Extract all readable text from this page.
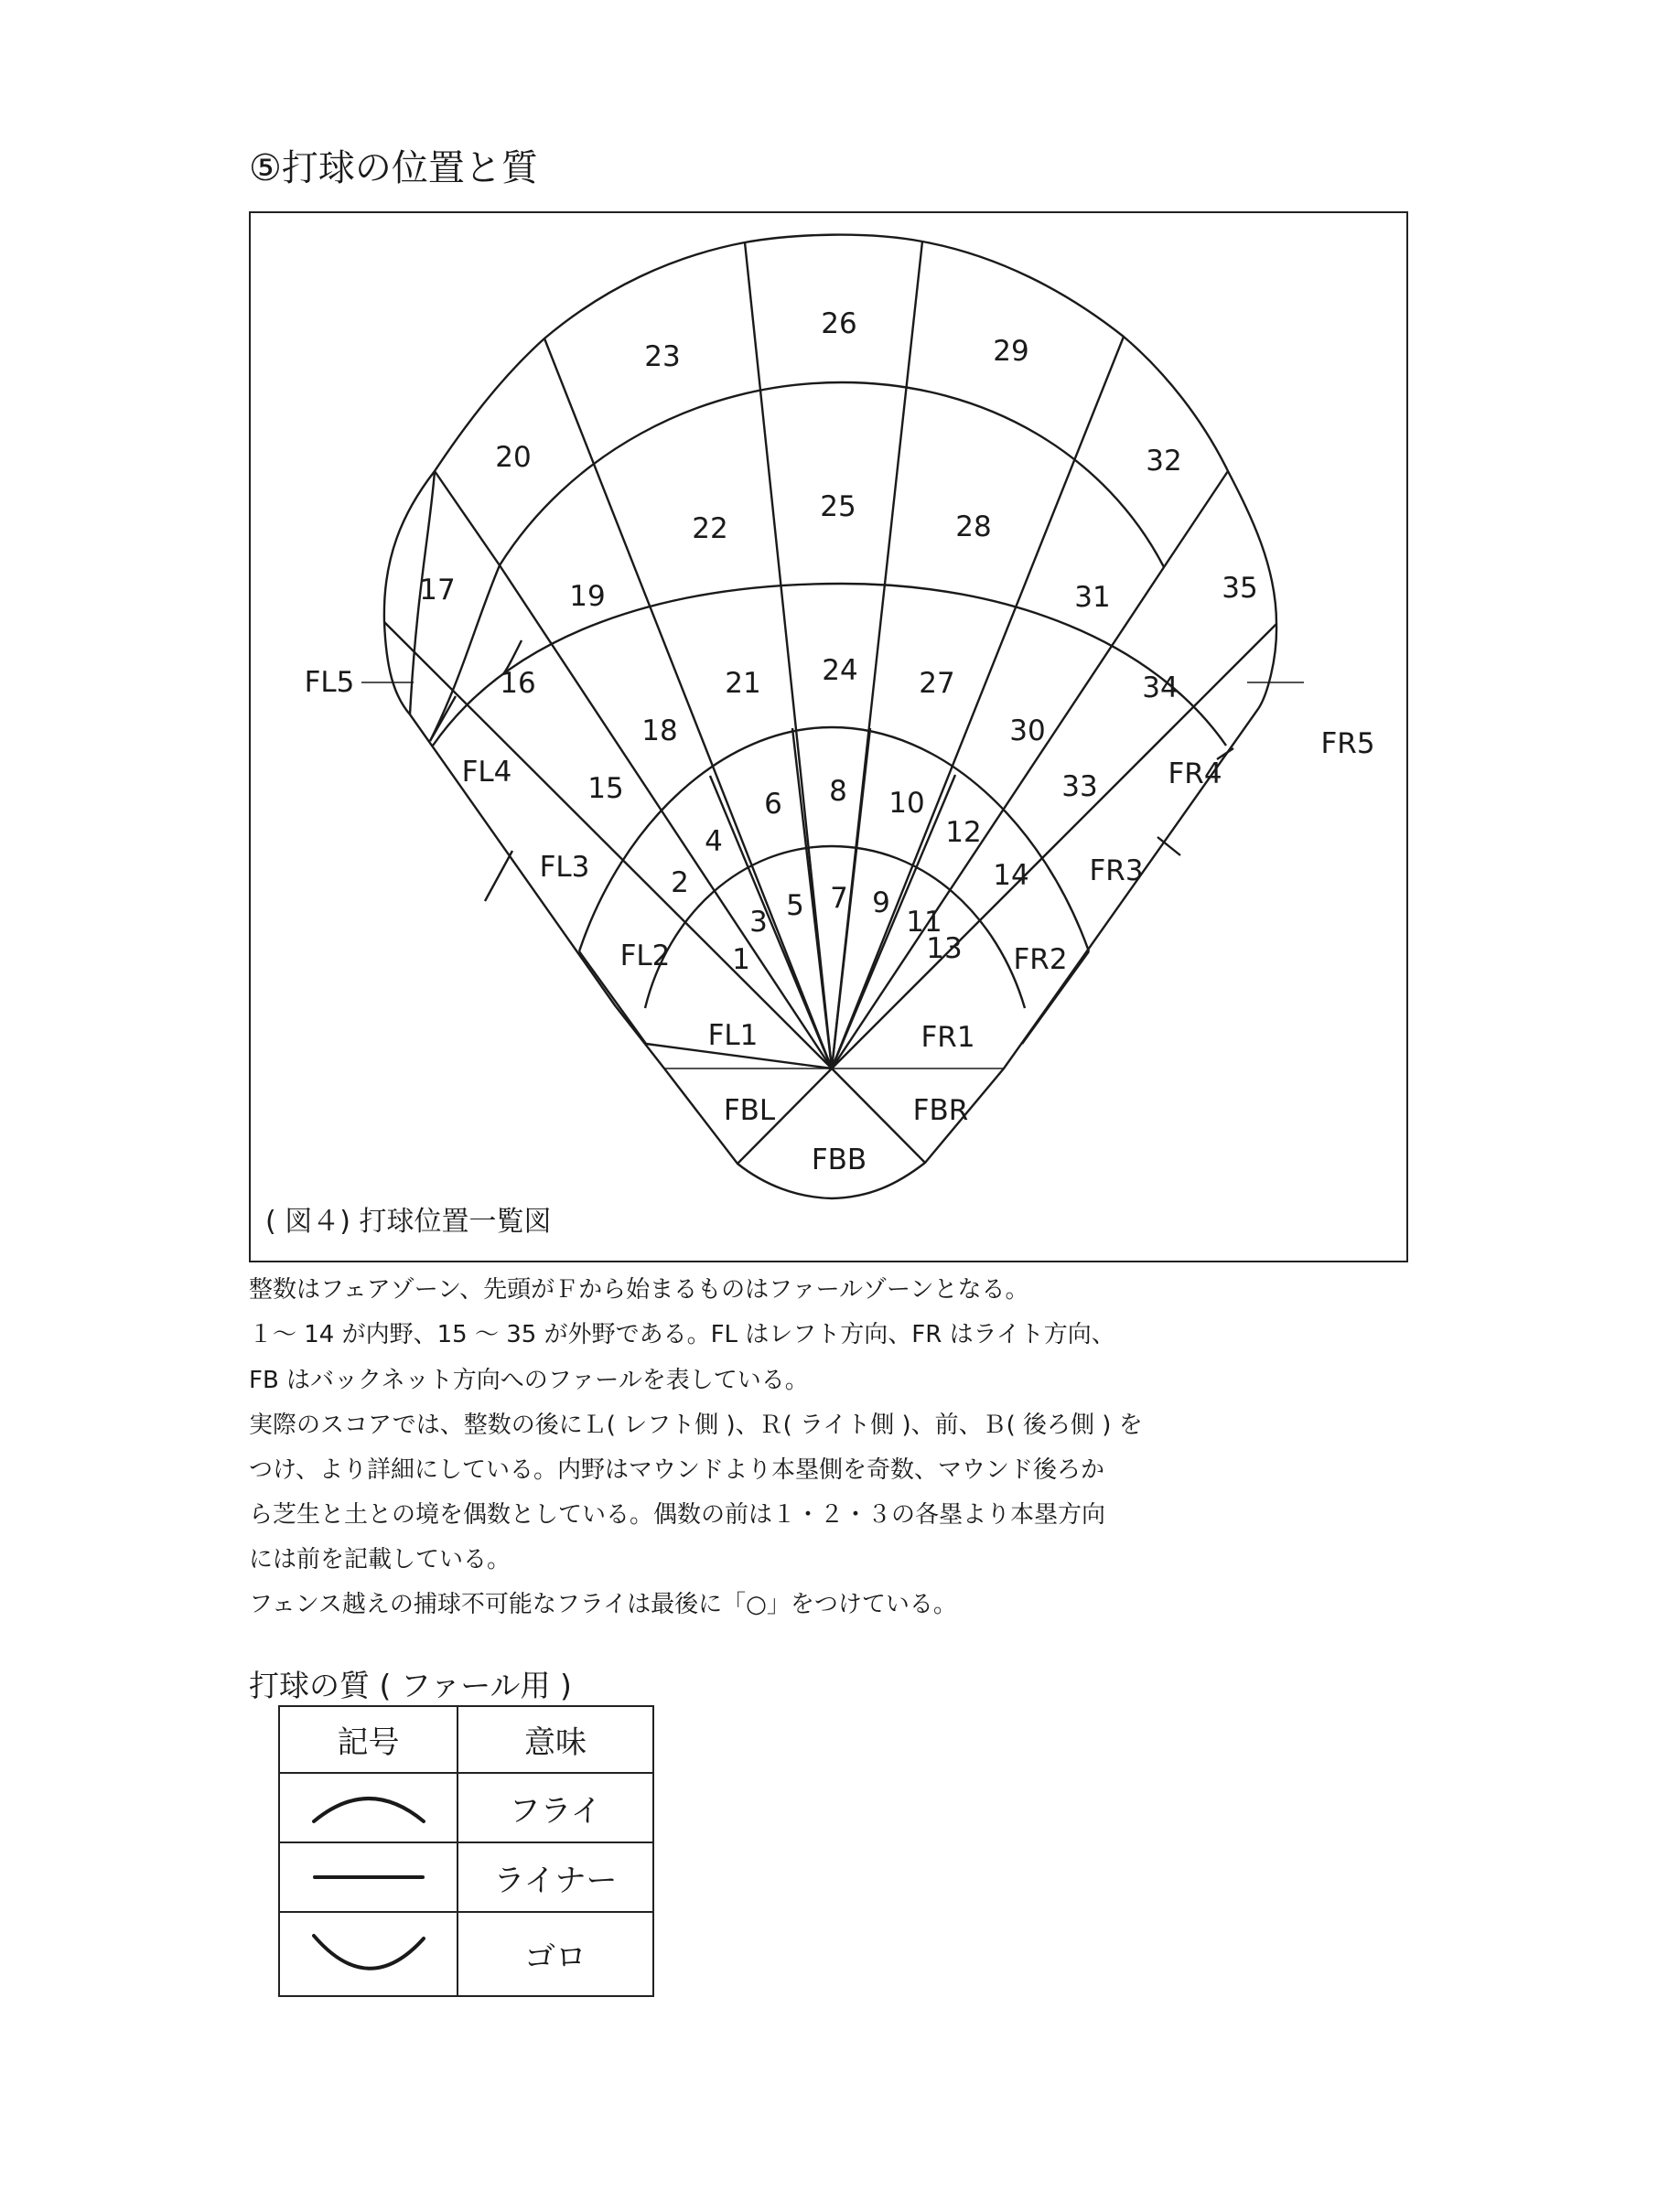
⑤打球の位置と質
26
23	29
20	32
25
22	28
17	19	31	35
16	21 24 27	34
18	30
FL4	FR4
15	33
6 8 10
12
4
FL3	FR3
14
2	7
5 9
3	11
13
1
FL2	FR2
FL1	FR1
FBL	FBR
FBB
FL5
FR5
( 図４) 打球位置一覧図
整数はフェアゾーン、先頭がＦから始まるものはファールゾーンとなる。
１～ 14 が内野、15 ～ 35 が外野である。FL はレフト方向、FR はライト方向、
FB はバックネット方向へのファールを表している。
実際のスコアでは、整数の後にＬ( レフト側 )、Ｒ( ライト側 )、前、Ｂ( 後ろ側 ) を
つけ、より詳細にしている。内野はマウンドより本塁側を奇数、マウンド後ろか
ら芝生と土との境を偶数としている。偶数の前は１・２・３の各塁より本塁方向
には前を記載している。
フェンス越えの捕球不可能なフライは最後に「○」をつけている。
打球の質 ( ファール用 )
記号	意味

	フライ

	ライナー

	ゴロ
